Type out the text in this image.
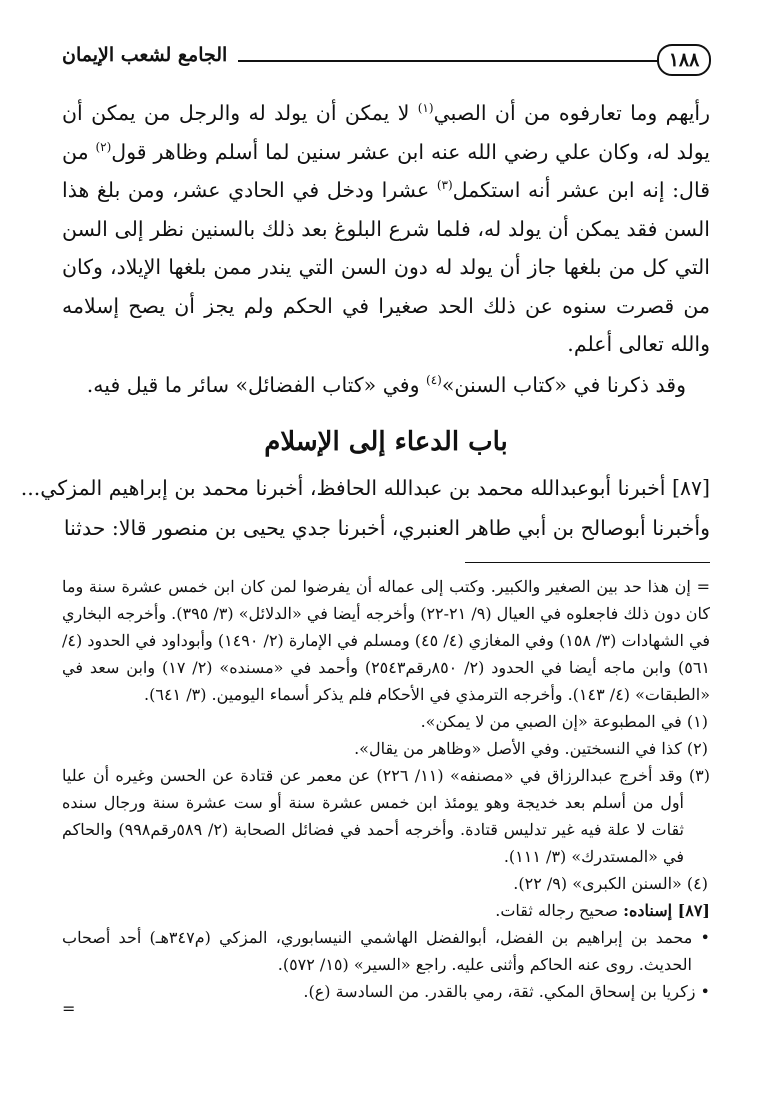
١٨٨
الجامع لشعب الإيمان

رأيهم وما تعارفوه من أن الصبي$^{(١)}$ لا يمكن أن يولد له والرجل من يمكن أن يولد له، وكان علي رضي الله عنه ابن عشر سنين لما أسلم وظاهر قول$^{(٢)}$ من قال: إنه ابن عشر أنه استكمل$^{(٣)}$ عشرا ودخل في الحادي عشر، ومن بلغ هذا السن فقد يمكن أن يولد له، فلما شرع البلوغ بعد ذلك بالسنين نظر إلى السن التي كل من بلغها جاز أن يولد له دون السن التي يندر ممن بلغها الإيلاد، وكان من قصرت سنوه عن ذلك الحد صغيرا في الحكم ولم يجز أن يصح إسلامه والله تعالى أعلم.

وقد ذكرنا في «كتاب السنن»$^{(٤)}$ وفي «كتاب الفضائل» سائر ما قيل فيه.

باب الدعاء إلى الإسلام

[٨٧] أخبرنا أبوعبدالله محمد بن عبدالله الحافظ، أخبرنا محمد بن إبراهيم المزكي...

وأخبرنا أبوصالح بن أبي طاهر العنبري، أخبرنا جدي يحيى بن منصور قالا: حدثنا

= إن هذا حد بين الصغير والكبير. وكتب إلى عماله أن يفرضوا لمن كان ابن خمس عشرة سنة وما كان دون ذلك فاجعلوه في العيال (٩/ ٢١-٢٢) وأخرجه أيضا في «الدلائل» (٣/ ٣٩٥). وأخرجه البخاري في الشهادات (٣/ ١٥٨) وفي المغازي (٤/ ٤٥) ومسلم في الإمارة (٢/ ١٤٩٠) وأبوداود في الحدود (٤/ ٥٦١) وابن ماجه أيضا في الحدود (٢/ ٨٥٠رقم٢٥٤٣) وأحمد في «مسنده» (٢/ ١٧) وابن سعد في «الطبقات» (٤/ ١٤٣). وأخرجه الترمذي في الأحكام فلم يذكر أسماء اليومين. (٣/ ٦٤١).

(١) في المطبوعة «إن الصبي من لا يمكن».

(٢) كذا في النسختين. وفي الأصل «وظاهر من يقال».

(٣) وقد أخرج عبدالرزاق في «مصنفه» (١١/ ٢٢٦) عن معمر عن قتادة عن الحسن وغيره أن عليا أول من أسلم بعد خديجة وهو يومئذ ابن خمس عشرة سنة أو ست عشرة سنة ورجال سنده ثقات لا علة فيه غير تدليس قتادة. وأخرجه أحمد في فضائل الصحابة (٢/ ٥٨٩رقم٩٩٨) والحاكم في «المستدرك» (٣/ ١١١).

(٤) «السنن الكبرى» (٩/ ٢٢).

[٨٧] إسناده: صحيح رجاله ثقات.

• محمد بن إبراهيم بن الفضل، أبوالفضل الهاشمي النيسابوري، المزكي (م٣٤٧هـ) أحد أصحاب الحديث. روى عنه الحاكم وأثنى عليه. راجع «السير» (١٥/ ٥٧٢).

• زكريا بن إسحاق المكي. ثقة، رمي بالقدر. من السادسة (ع).

=
